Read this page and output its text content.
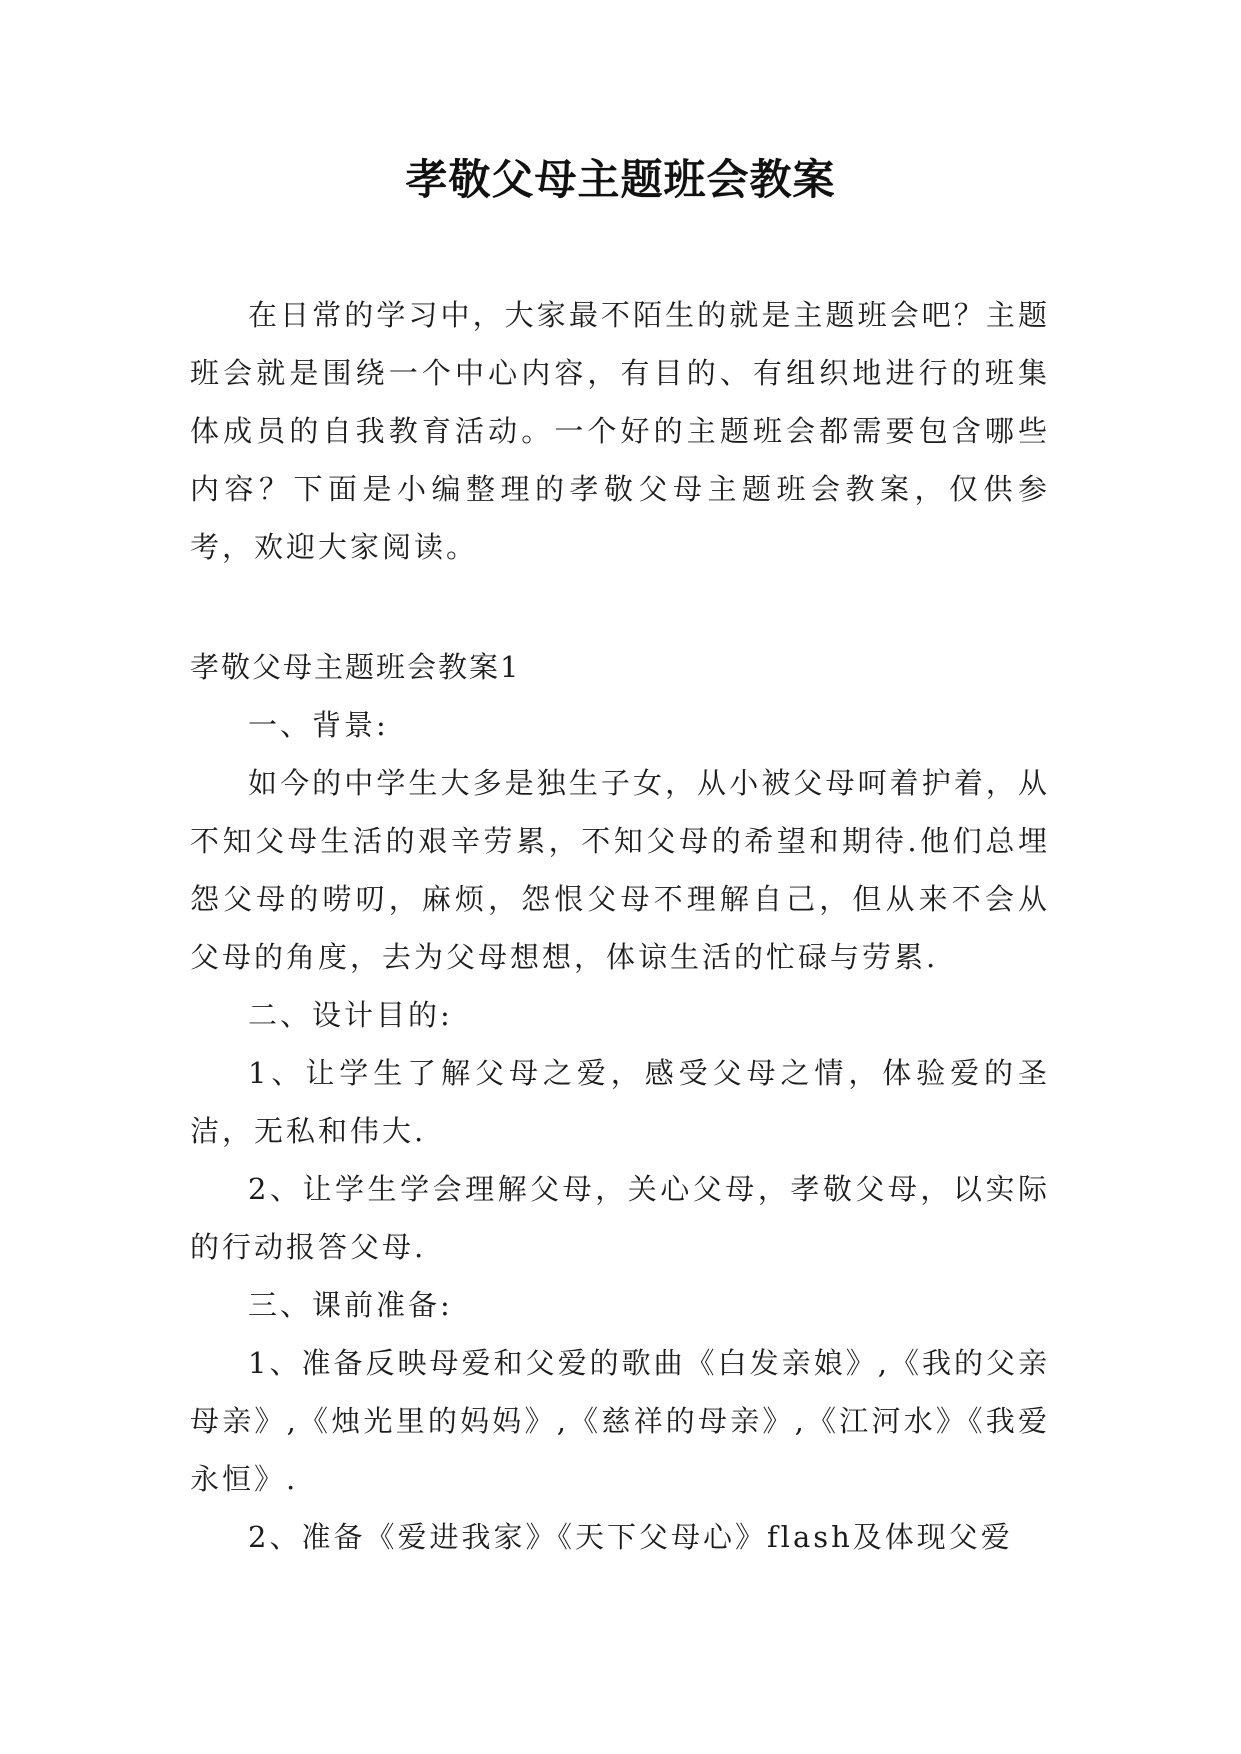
孝敬父母主题班会教案

在日常的学习中，大家最不陌生的就是主题班会吧？主题班会就是围绕一个中心内容，有目的、有组织地进行的班集体成员的自我教育活动。一个好的主题班会都需要包含哪些内容？下面是小编整理的孝敬父母主题班会教案，仅供参考，欢迎大家阅读。

孝敬父母主题班会教案1

一、背景:

如今的中学生大多是独生子女，从小被父母呵着护着，从不知父母生活的艰辛劳累，不知父母的希望和期待.他们总埋怨父母的唠叨，麻烦，怨恨父母不理解自己，但从来不会从父母的角度，去为父母想想，体谅生活的忙碌与劳累.

二、设计目的:

1、让学生了解父母之爱，感受父母之情，体验爱的圣洁，无私和伟大.

2、让学生学会理解父母，关心父母，孝敬父母，以实际的行动报答父母.

三、课前准备:

1、准备反映母爱和父爱的歌曲《白发亲娘》,《我的父亲母亲》,《烛光里的妈妈》,《慈祥的母亲》,《江河水》《我爱永恒》.

2、准备《爱进我家》《天下父母心》flash及体现父爱
